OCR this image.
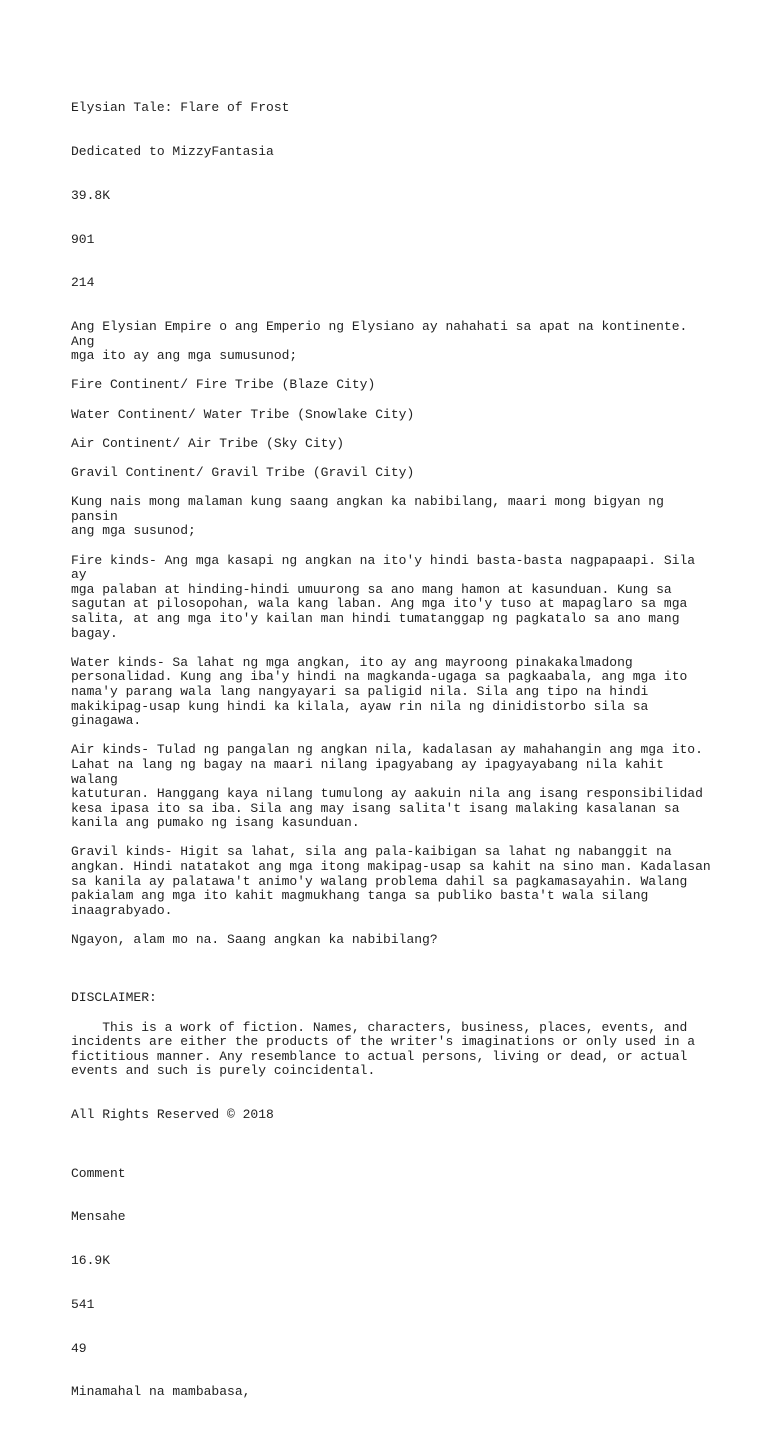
Elysian Tale: Flare of Frost

Dedicated to MizzyFantasia

39.8K

901

214

Ang Elysian Empire o ang Emperio ng Elysiano ay nahahati sa apat na kontinente. Ang
mga ito ay ang mga sumusunod;
Fire Continent/ Fire Tribe (Blaze City)
Water Continent/ Water Tribe (Snowlake City)
Air Continent/ Air Tribe (Sky City)
Gravil Continent/ Gravil Tribe (Gravil City)
Kung nais mong malaman kung saang angkan ka nabibilang, maari mong bigyan ng pansin
ang mga susunod;
Fire kinds- Ang mga kasapi ng angkan na ito'y hindi basta-basta nagpapaapi. Sila ay
mga palaban at hinding-hindi umuurong sa ano mang hamon at kasunduan. Kung sa
sagutan at pilosopohan, wala kang laban. Ang mga ito'y tuso at mapaglaro sa mga
salita, at ang mga ito'y kailan man hindi tumatanggap ng pagkatalo sa ano mang
bagay.
Water kinds- Sa lahat ng mga angkan, ito ay ang mayroong pinakakalmadong
personalidad. Kung ang iba'y hindi na magkanda-ugaga sa pagkaabala, ang mga ito
nama'y parang wala lang nangyayari sa paligid nila. Sila ang tipo na hindi
makikipag-usap kung hindi ka kilala, ayaw rin nila ng dinidistorbo sila sa
ginagawa.
Air kinds- Tulad ng pangalan ng angkan nila, kadalasan ay mahahangin ang mga ito.
Lahat na lang ng bagay na maari nilang ipagyabang ay ipagyayabang nila kahit walang
katuturan. Hanggang kaya nilang tumulong ay aakuin nila ang isang responsibilidad
kesa ipasa ito sa iba. Sila ang may isang salita't isang malaking kasalanan sa
kanila ang pumako ng isang kasunduan.
Gravil kinds- Higit sa lahat, sila ang pala-kaibigan sa lahat ng nabanggit na
angkan. Hindi natatakot ang mga itong makipag-usap sa kahit na sino man. Kadalasan
sa kanila ay palatawa't animo'y walang problema dahil sa pagkamasayahin. Walang
pakialam ang mga ito kahit magmukhang tanga sa publiko basta't wala silang
inaagrabyado.
Ngayon, alam mo na. Saang angkan ka nabibilang?

DISCLAIMER:

This is a work of fiction. Names, characters, business, places, events, and
incidents are either the products of the writer's imaginations or only used in a
fictitious manner. Any resemblance to actual persons, living or dead, or actual
events and such is purely coincidental.

All Rights Reserved © 2018

Comment

Mensahe

16.9K

541

49

Minamahal na mambabasa,
